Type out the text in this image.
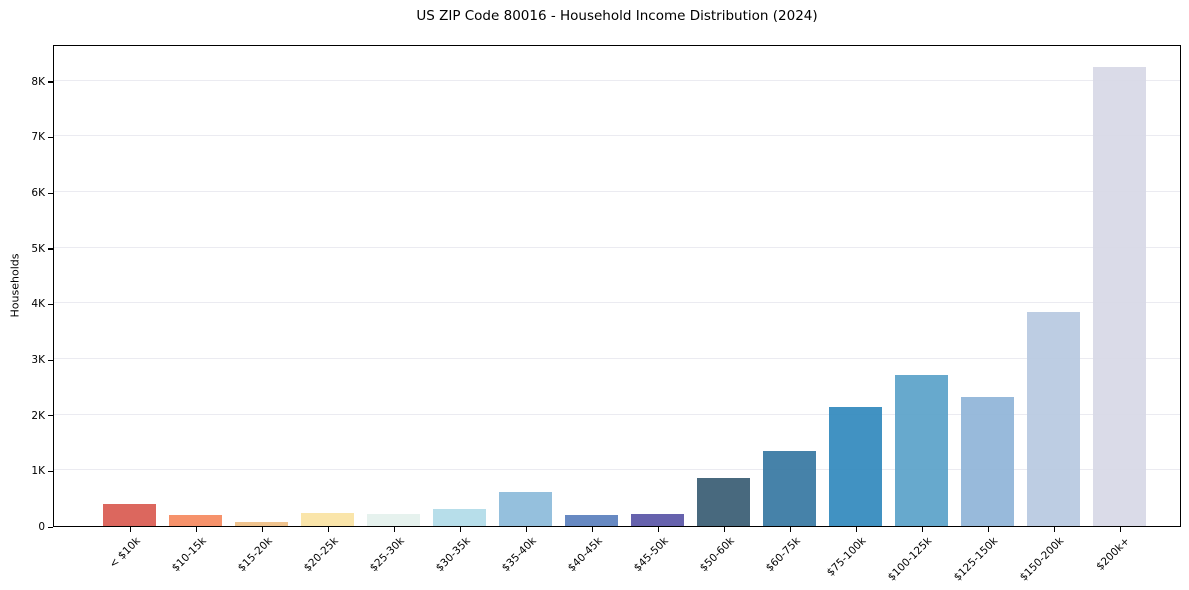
US ZIP Code 80016 - Household Income Distribution (2024)
Households
0
1K
2K
3K
4K
5K
6K
7K
8K
< $10k	$10-15k	$15-20k	$20-25k	$25-30k	$30-35k	$35-40k	$40-45k	$45-50k	$50-60k	$60-75k $75-100k $100-125k $125-150k $150-200k	$200k+
